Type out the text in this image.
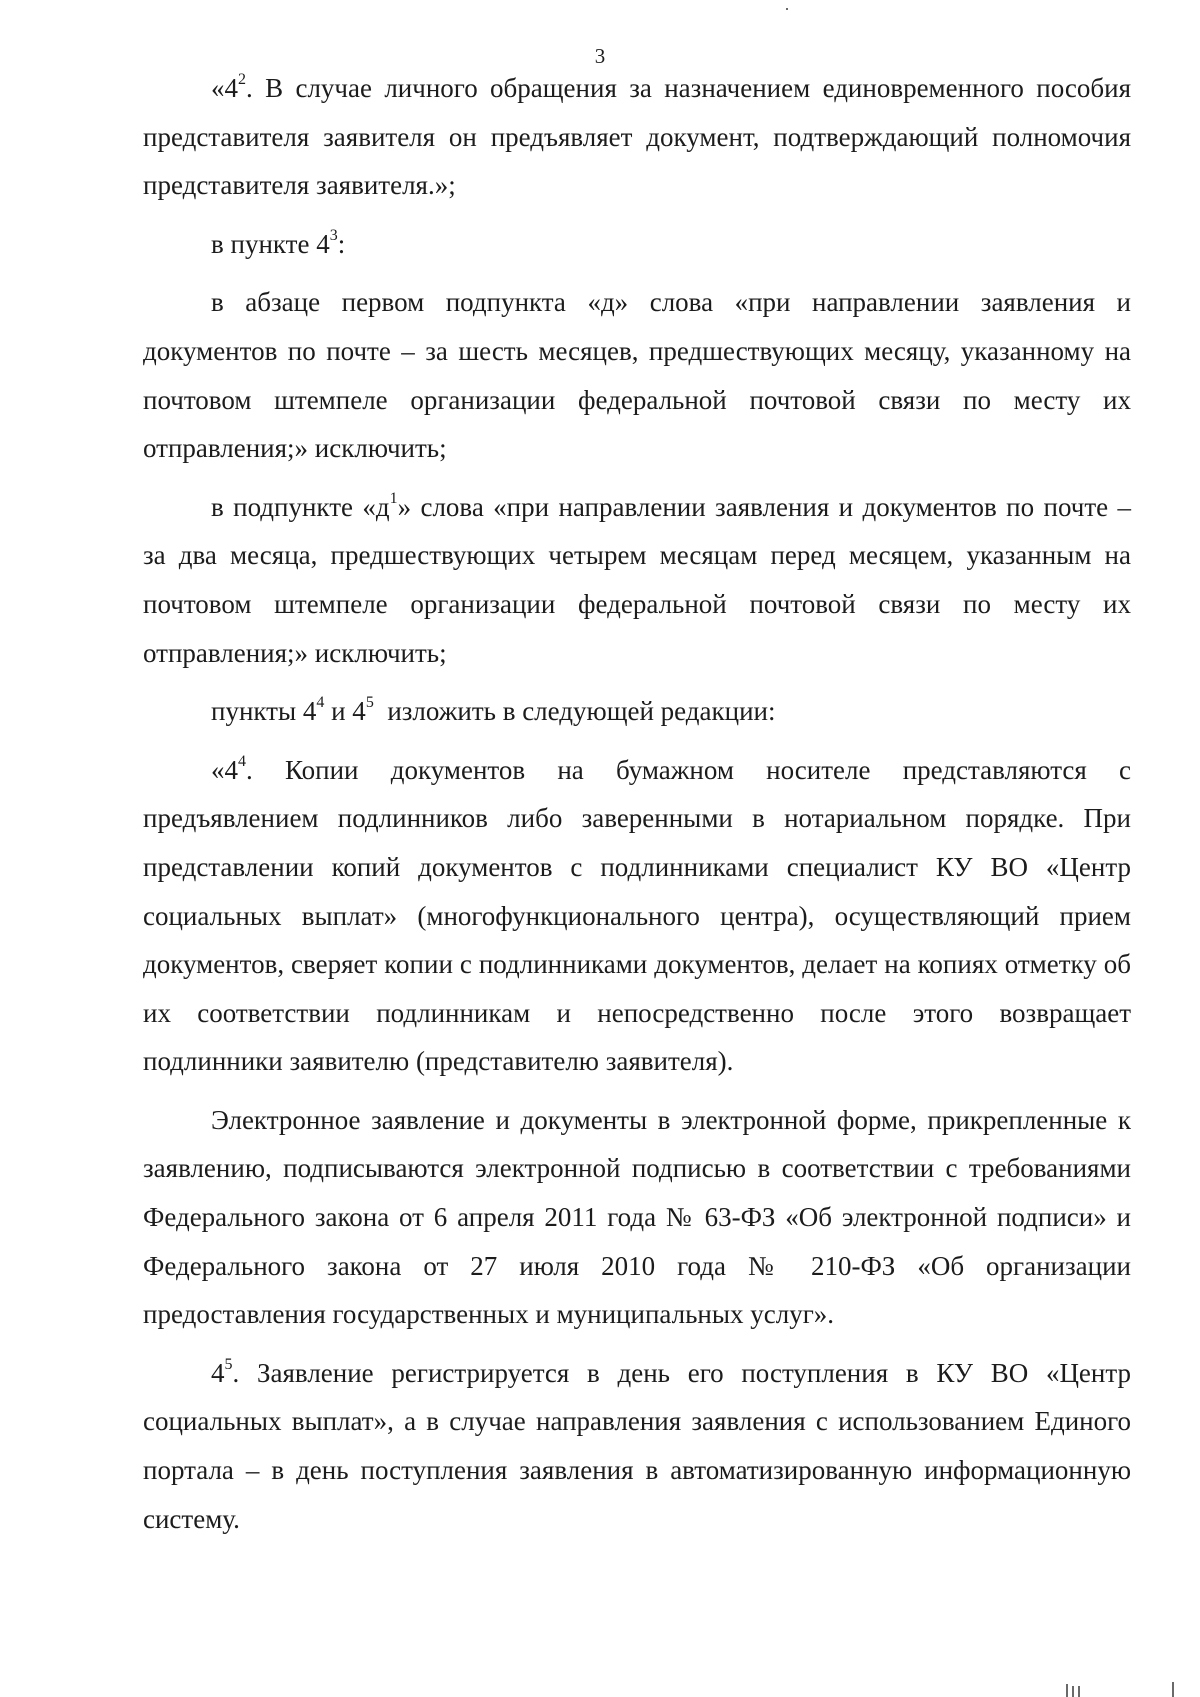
3

«$4^2$. В случае личного обращения за назначением единовременного пособия представителя заявителя он предъявляет документ, подтверждающий полномочия представителя заявителя.»;

в пункте $4^3$:

в абзаце первом подпункта «д» слова «при направлении заявления и документов по почте – за шесть месяцев, предшествующих месяцу, указанному на почтовом штемпеле организации федеральной почтовой связи по месту их отправления;» исключить;

в подпункте «$д^1$» слова «при направлении заявления и документов по почте – за два месяца, предшествующих четырем месяцам перед месяцем, указанным на почтовом штемпеле организации федеральной почтовой связи по месту их отправления;» исключить;

пункты $4^4$ и $4^5$  изложить в следующей редакции:

«$4^4$. Копии документов на бумажном носителе представляются с предъявлением подлинников либо заверенными в нотариальном порядке. При представлении копий документов с подлинниками специалист КУ ВО «Центр социальных выплат» (многофункционального центра), осуществляющий прием документов, сверяет копии с подлинниками документов, делает на копиях отметку об их соответствии подлинникам и непосредственно после этого возвращает подлинники заявителю (представителю заявителя).

Электронное заявление и документы в электронной форме, прикрепленные к заявлению, подписываются электронной подписью в соответствии с требованиями Федерального закона от 6 апреля 2011 года № 63-ФЗ «Об электронной подписи» и Федерального закона от 27 июля 2010 года № 210-ФЗ «Об организации предоставления государственных и муниципальных услуг».

$4^5$. Заявление регистрируется в день его поступления в КУ ВО «Центр социальных выплат», а в случае направления заявления с использованием Единого портала – в день поступления заявления в автоматизированную информационную систему.
